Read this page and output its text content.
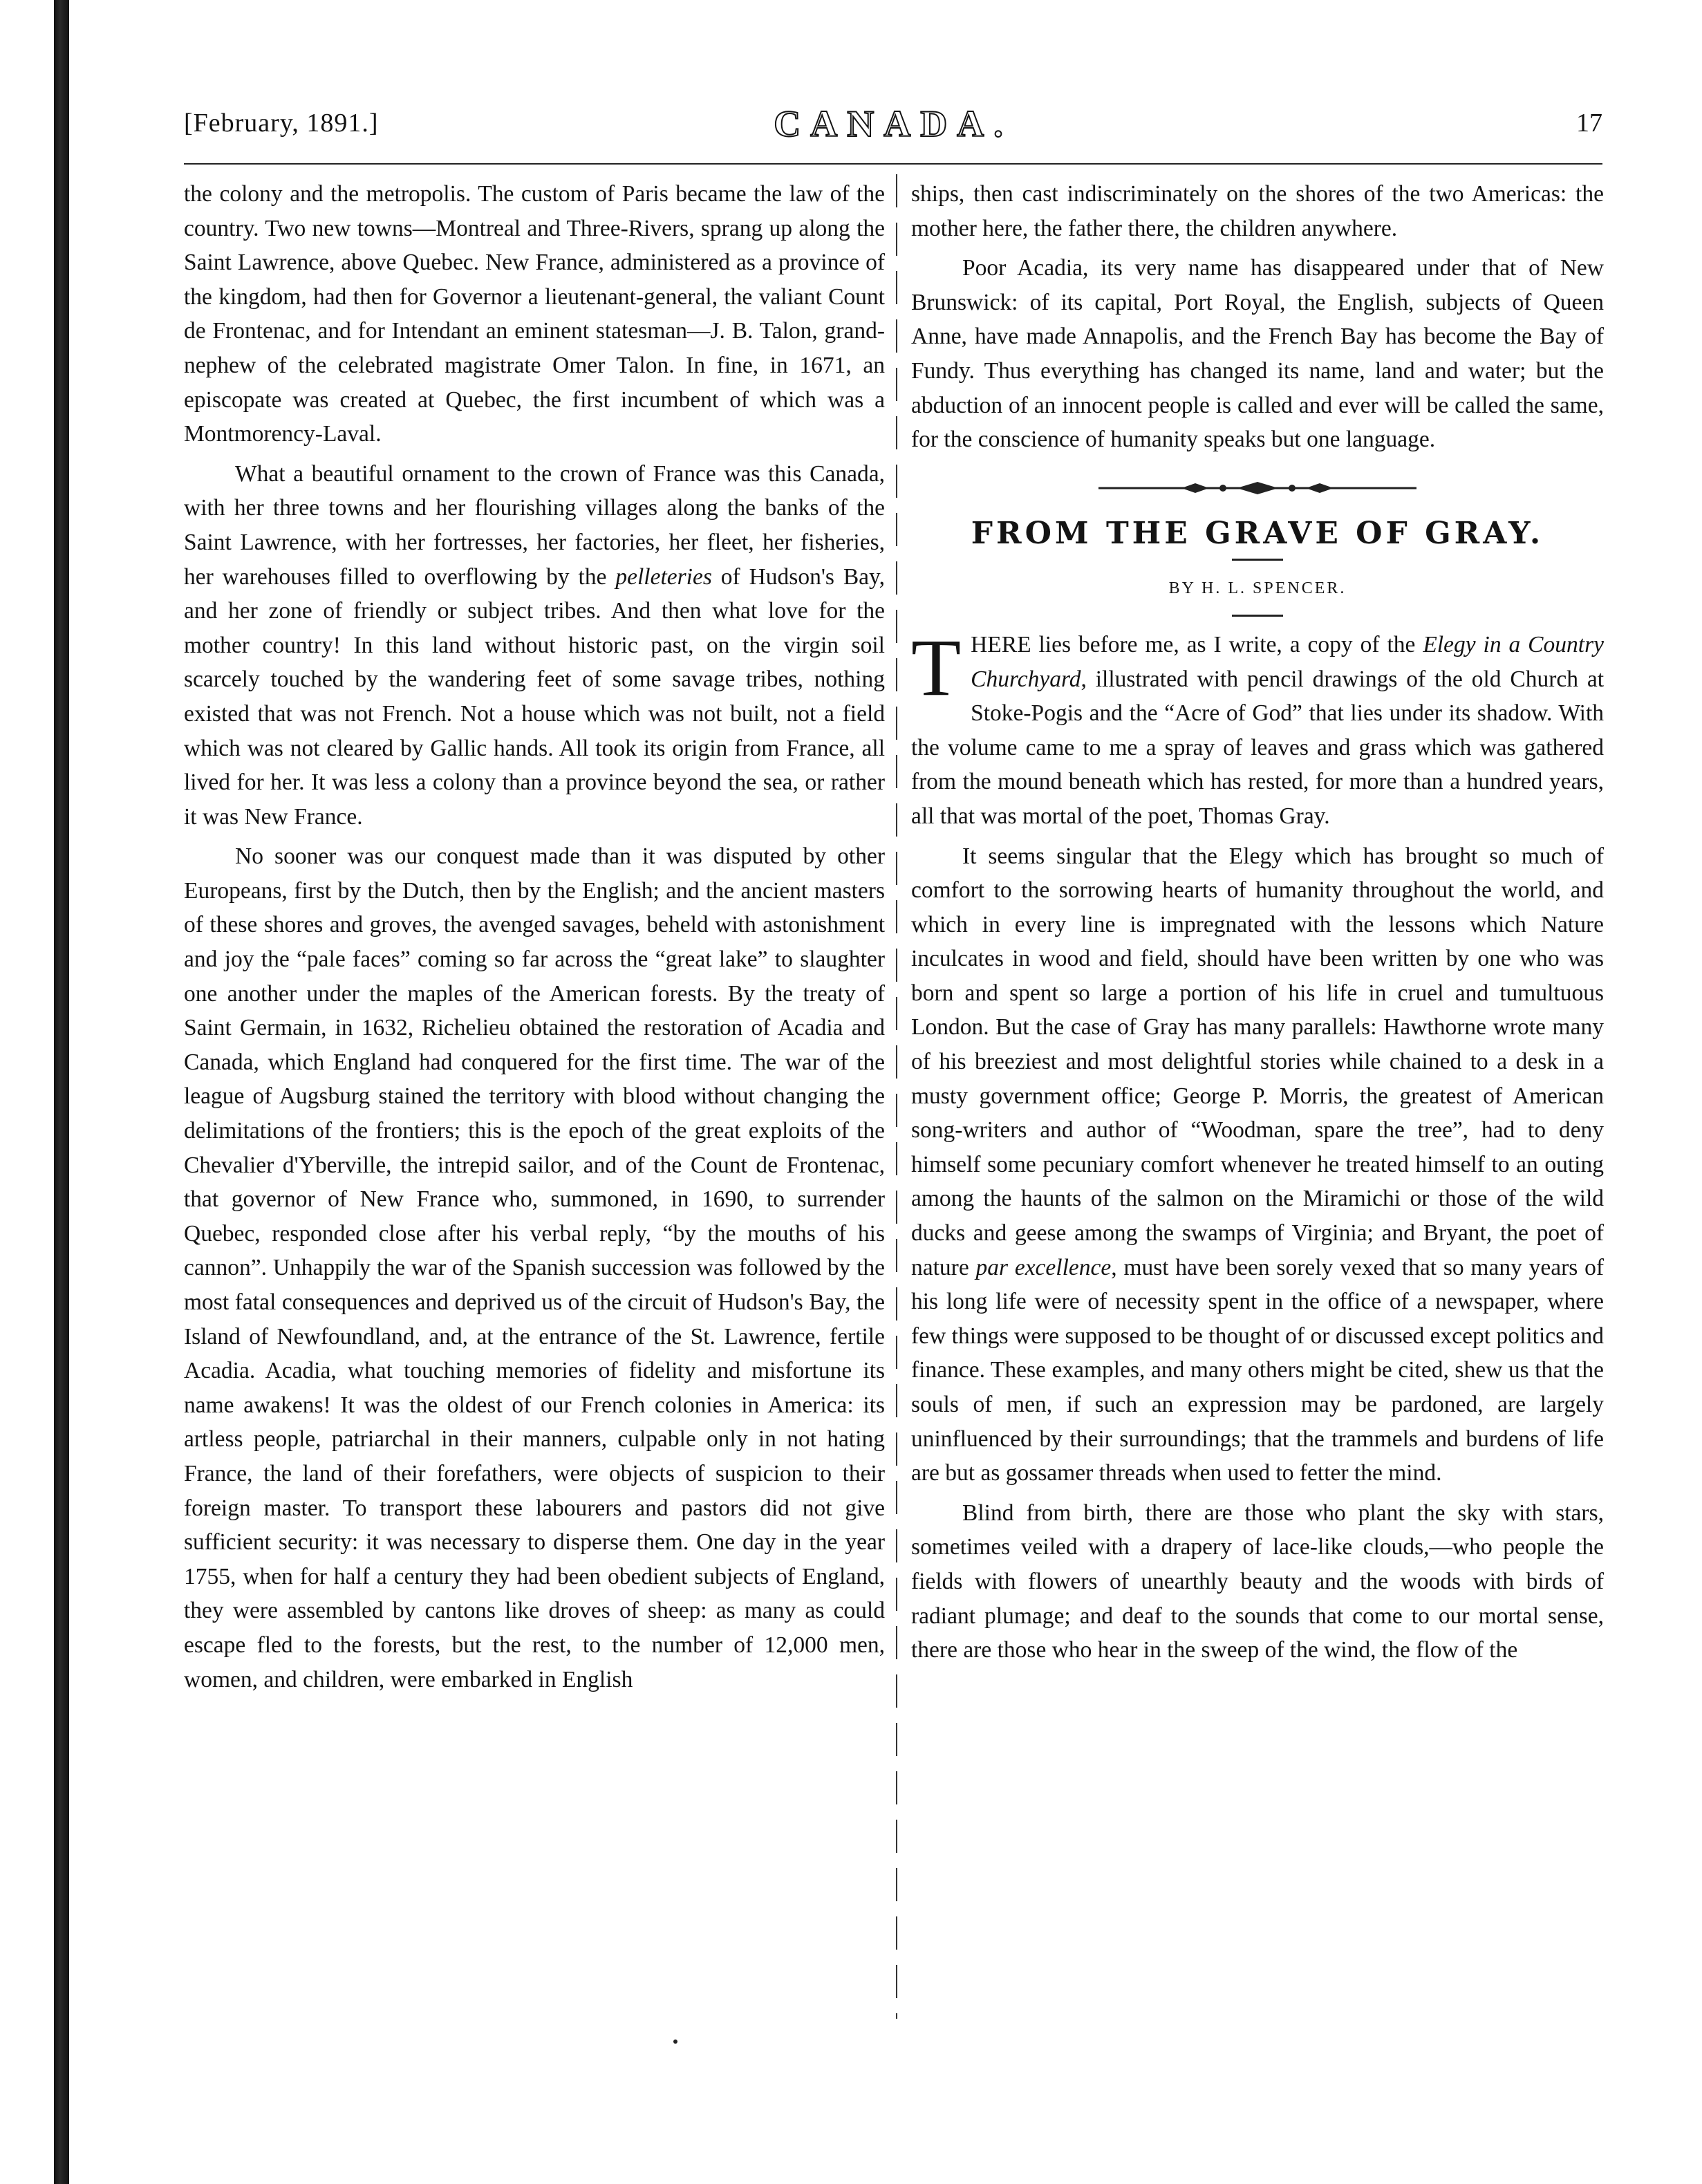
[February, 1891.]	CANADA.	17

the colony and the metropolis. The custom of Paris became the law of the country. Two new towns—Montreal and Three-Rivers, sprang up along the Saint Lawrence, above Quebec. New France, administered as a province of the kingdom, had then for Governor a lieutenant-general, the valiant Count de Frontenac, and for Intendant an eminent statesman—J. B. Talon, grand-nephew of the celebrated magistrate Omer Talon. In fine, in 1671, an episcopate was created at Quebec, the first incumbent of which was a Montmorency-Laval.

What a beautiful ornament to the crown of France was this Canada, with her three towns and her flourishing villages along the banks of the Saint Lawrence, with her fortresses, her factories, her fleet, her fisheries, her warehouses filled to overflowing by the pelleteries of Hudson's Bay, and her zone of friendly or subject tribes. And then what love for the mother country! In this land without historic past, on the virgin soil scarcely touched by the wandering feet of some savage tribes, nothing existed that was not French. Not a house which was not built, not a field which was not cleared by Gallic hands. All took its origin from France, all lived for her. It was less a colony than a province beyond the sea, or rather it was New France.

No sooner was our conquest made than it was disputed by other Europeans, first by the Dutch, then by the English; and the ancient masters of these shores and groves, the avenged savages, beheld with astonishment and joy the “pale faces” coming so far across the “great lake” to slaughter one another under the maples of the American forests. By the treaty of Saint Germain, in 1632, Richelieu obtained the restoration of Acadia and Canada, which England had conquered for the first time. The war of the league of Augsburg stained the territory with blood without changing the delimitations of the frontiers; this is the epoch of the great exploits of the Chevalier d'Yberville, the intrepid sailor, and of the Count de Frontenac, that governor of New France who, summoned, in 1690, to surrender Quebec, responded close after his verbal reply, “by the mouths of his cannon”. Unhappily the war of the Spanish succession was followed by the most fatal consequences and deprived us of the circuit of Hudson's Bay, the Island of Newfoundland, and, at the entrance of the St. Lawrence, fertile Acadia. Acadia, what touching memories of fidelity and misfortune its name awakens! It was the oldest of our French colonies in America: its artless people, patriarchal in their manners, culpable only in not hating France, the land of their forefathers, were objects of suspicion to their foreign master. To transport these labourers and pastors did not give sufficient security: it was necessary to disperse them. One day in the year 1755, when for half a century they had been obedient subjects of England, they were assembled by cantons like droves of sheep: as many as could escape fled to the forests, but the rest, to the number of 12,000 men, women, and children, were embarked in English

ships, then cast indiscriminately on the shores of the two Americas: the mother here, the father there, the children anywhere.

Poor Acadia, its very name has disappeared under that of New Brunswick: of its capital, Port Royal, the English, subjects of Queen Anne, have made Annapolis, and the French Bay has become the Bay of Fundy. Thus everything has changed its name, land and water; but the abduction of an innocent people is called and ever will be called the same, for the conscience of humanity speaks but one language.

FROM THE GRAVE OF GRAY.
BY H. L. SPENCER.

THERE lies before me, as I write, a copy of the Elegy in a Country Churchyard, illustrated with pencil drawings of the old Church at Stoke-Pogis and the “Acre of God” that lies under its shadow. With the volume came to me a spray of leaves and grass which was gathered from the mound beneath which has rested, for more than a hundred years, all that was mortal of the poet, Thomas Gray.

It seems singular that the Elegy which has brought so much of comfort to the sorrowing hearts of humanity throughout the world, and which in every line is impregnated with the lessons which Nature inculcates in wood and field, should have been written by one who was born and spent so large a portion of his life in cruel and tumultuous London. But the case of Gray has many parallels: Hawthorne wrote many of his breeziest and most delightful stories while chained to a desk in a musty government office; George P. Morris, the greatest of American song-writers and author of “Woodman, spare the tree”, had to deny himself some pecuniary comfort whenever he treated himself to an outing among the haunts of the salmon on the Miramichi or those of the wild ducks and geese among the swamps of Virginia; and Bryant, the poet of nature par excellence, must have been sorely vexed that so many years of his long life were of necessity spent in the office of a newspaper, where few things were supposed to be thought of or discussed except politics and finance. These examples, and many others might be cited, shew us that the souls of men, if such an expression may be pardoned, are largely uninfluenced by their surroundings; that the trammels and burdens of life are but as gossamer threads when used to fetter the mind.

Blind from birth, there are those who plant the sky with stars, sometimes veiled with a drapery of lace-like clouds,—who people the fields with flowers of unearthly beauty and the woods with birds of radiant plumage; and deaf to the sounds that come to our mortal sense, there are those who hear in the sweep of the wind, the flow of the
